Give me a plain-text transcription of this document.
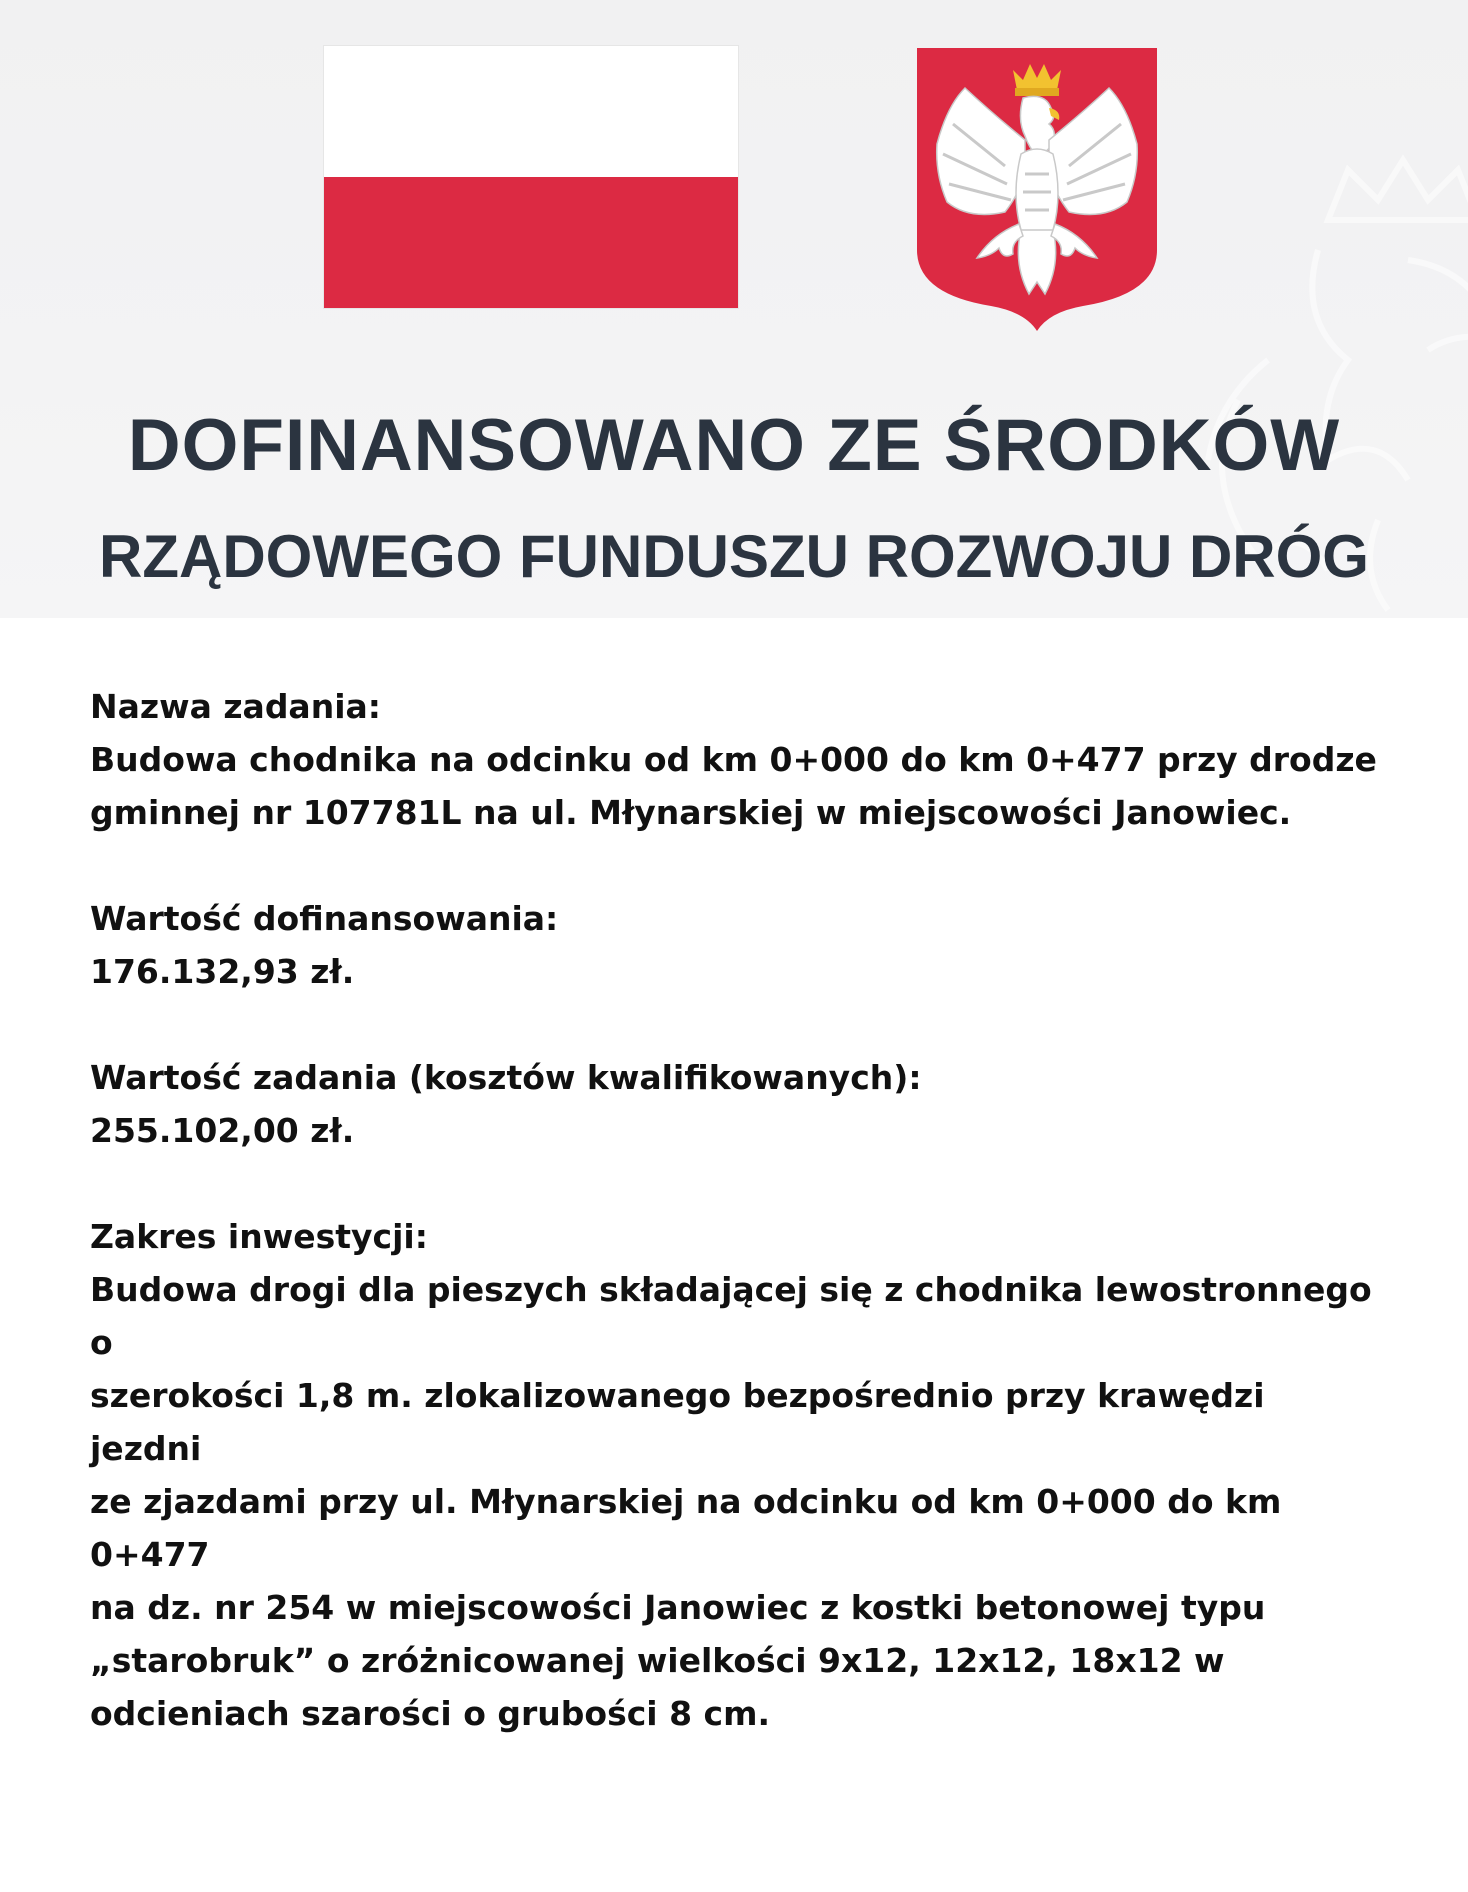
DOFINANSOWANO ZE ŚRODKÓW
RZĄDOWEGO FUNDUSZU ROZWOJU DRÓG

Nazwa zadania:

Budowa chodnika na odcinku od km 0+000 do km 0+477 przy drodze

gminnej nr 107781L na ul. Młynarskiej w miejscowości Janowiec.

Wartość dofinansowania:

176.132,93 zł.

Wartość zadania (kosztów kwalifikowanych):

255.102,00 zł.

Zakres inwestycji:

Budowa drogi dla pieszych składającej się z chodnika lewostronnego o

szerokości 1,8 m. zlokalizowanego bezpośrednio przy krawędzi jezdni

ze zjazdami przy ul. Młynarskiej na odcinku od km 0+000 do km 0+477

na dz. nr 254 w miejscowości Janowiec z kostki betonowej typu

„starobruk” o zróżnicowanej wielkości 9x12, 12x12, 18x12 w

odcieniach szarości o grubości 8 cm.
